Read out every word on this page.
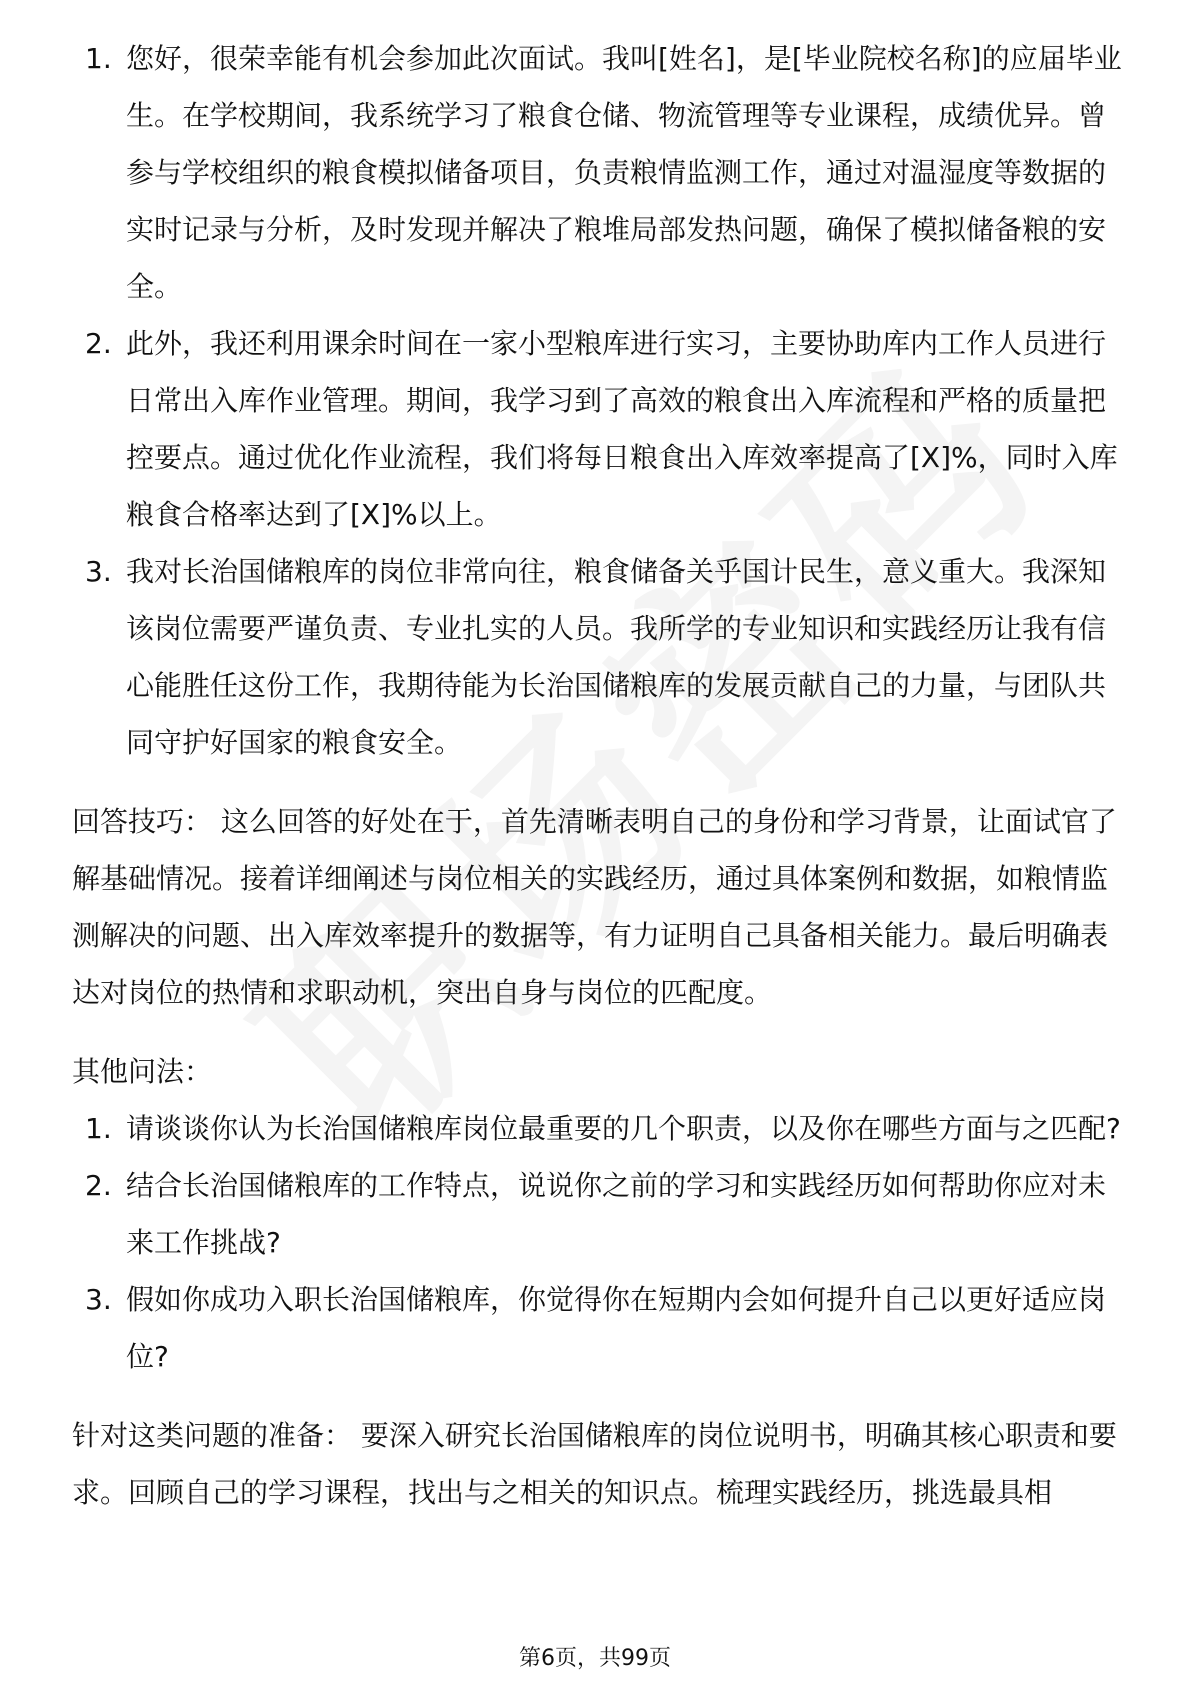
1. 您好，很荣幸能有机会参加此次面试。我叫[姓名]，是[毕业院校名称]的应届毕业生。在学校期间，我系统学习了粮食仓储、物流管理等专业课程，成绩优异。曾参与学校组织的粮食模拟储备项目，负责粮情监测工作，通过对温湿度等数据的实时记录与分析，及时发现并解决了粮堆局部发热问题，确保了模拟储备粮的安全。
2. 此外，我还利用课余时间在一家小型粮库进行实习，主要协助库内工作人员进行日常出入库作业管理。期间，我学习到了高效的粮食出入库流程和严格的质量把控要点。通过优化作业流程，我们将每日粮食出入库效率提高了[X]%，同时入库粮食合格率达到了[X]%以上。
3. 我对长治国储粮库的岗位非常向往，粮食储备关乎国计民生，意义重大。我深知该岗位需要严谨负责、专业扎实的人员。我所学的专业知识和实践经历让我有信心能胜任这份工作，我期待能为长治国储粮库的发展贡献自己的力量，与团队共同守护好国家的粮食安全。
回答技巧： 这么回答的好处在于，首先清晰表明自己的身份和学习背景，让面试官了解基础情况。接着详细阐述与岗位相关的实践经历，通过具体案例和数据，如粮情监测解决的问题、出入库效率提升的数据等，有力证明自己具备相关能力。最后明确表达对岗位的热情和求职动机，突出自身与岗位的匹配度。
其他问法：
1. 请谈谈你认为长治国储粮库岗位最重要的几个职责，以及你在哪些方面与之匹配?
2. 结合长治国储粮库的工作特点，说说你之前的学习和实践经历如何帮助你应对未来工作挑战?
3. 假如你成功入职长治国储粮库，你觉得你在短期内会如何提升自己以更好适应岗位?
针对这类问题的准备： 要深入研究长治国储粮库的岗位说明书，明确其核心职责和要求。回顾自己的学习课程，找出与之相关的知识点。梳理实践经历，挑选最具相
第6页，共99页
